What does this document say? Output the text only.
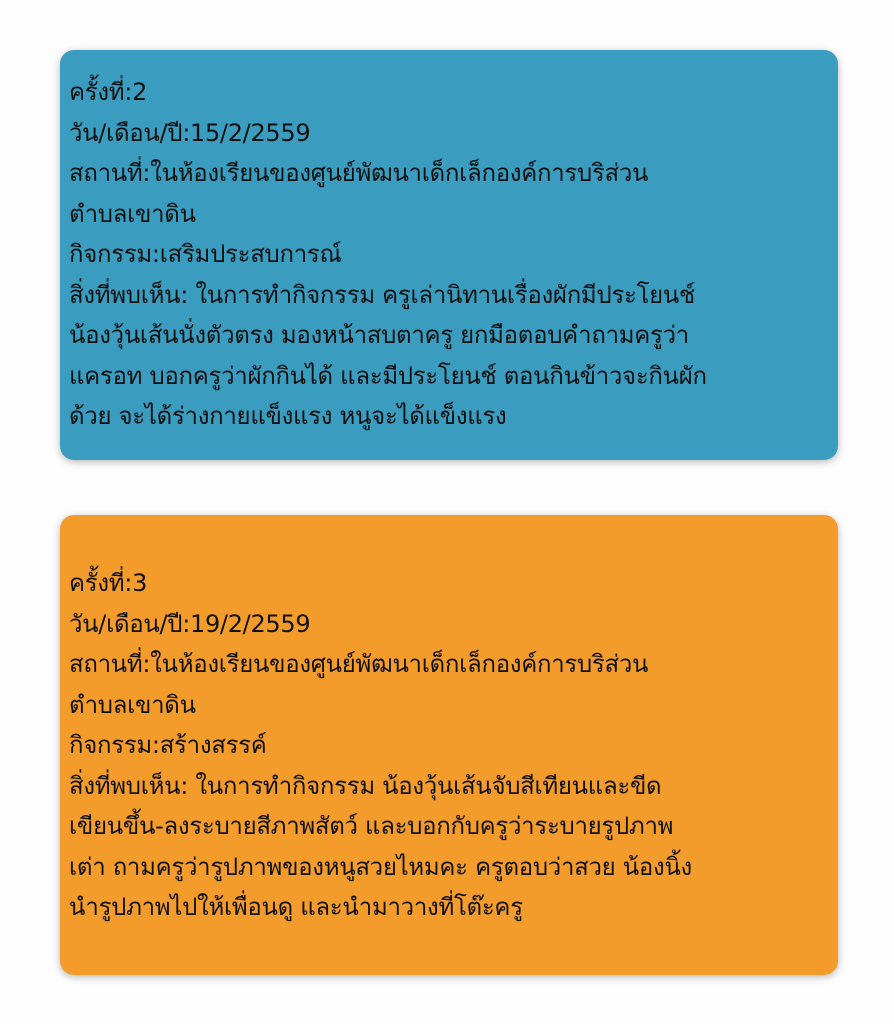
ครั้งที่:2
วัน/เดือน/ปี:15/2/2559
สถานที่:ในห้องเรียนของศูนย์พัฒนาเด็กเล็กองค์การบริส่วน
ตำบลเขาดิน
กิจกรรม:เสริมประสบการณ์
สิ่งที่พบเห็น: ในการทำกิจกรรม ครูเล่านิทานเรื่องผักมีประโยนช์
น้องวุ้นเส้นนั่งตัวตรง มองหน้าสบตาครู ยกมือตอบคำถามครูว่า
แครอท บอกครูว่าผักกินได้ และมีประโยนช์ ตอนกินข้าวจะกินผัก
ด้วย จะได้ร่างกายแข็งแรง หนูจะได้แข็งแรง
ครั้งที่:3
วัน/เดือน/ปี:19/2/2559
สถานที่:ในห้องเรียนของศูนย์พัฒนาเด็กเล็กองค์การบริส่วน
ตำบลเขาดิน
กิจกรรม:สร้างสรรค์
สิ่งที่พบเห็น: ในการทำกิจกรรม น้องวุ้นเส้นจับสีเทียนและขีด
เขียนขึ้น-ลงระบายสีภาพสัตว์ และบอกกับครูว่าระบายรูปภาพ
เต่า ถามครูว่ารูปภาพของหนูสวยไหมคะ ครูตอบว่าสวย น้องนิ้ง
นำรูปภาพไปให้เพื่อนดู และนำมาวางที่โต๊ะครู
